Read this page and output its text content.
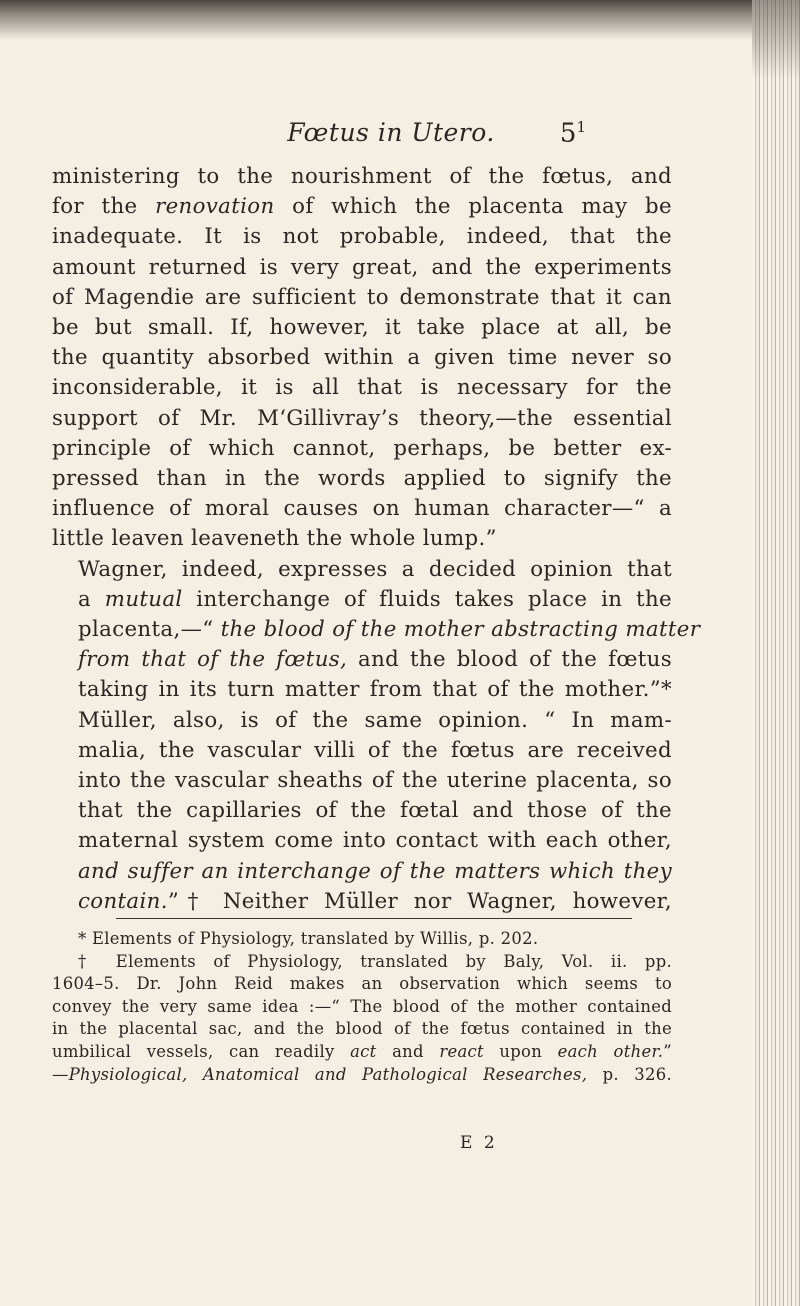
Fœtus in Utero.	$5^1$

ministering to the nourishment of the fœtus, and
for the renovation of which the placenta may be
inadequate. It is not probable, indeed, that the
amount returned is very great, and the experiments
of Magendie are sufficient to demonstrate that it can
be but small. If, however, it take place at all, be
the quantity absorbed within a given time never so
inconsiderable, it is all that is necessary for the
support of Mr. M‘Gillivray’s theory,—the essential
principle of which cannot, perhaps, be better ex-
pressed than in the words applied to signify the
influence of moral causes on human character—“ a
little leaven leaveneth the whole lump.”

Wagner, indeed, expresses a decided opinion that
a mutual interchange of fluids takes place in the
placenta,—“ the blood of the mother abstracting matter
from that of the fœtus, and the blood of the fœtus
taking in its turn matter from that of the mother.”*
Müller, also, is of the same opinion. “ In mam-
malia, the vascular villi of the fœtus are received
into the vascular sheaths of the uterine placenta, so
that the capillaries of the fœtal and those of the
maternal system come into contact with each other,
and suffer an interchange of the matters which they
contain.”† Neither Müller nor Wagner, however,

* Elements of Physiology, translated by Willis, p. 202.

† Elements of Physiology, translated by Baly, Vol. ii. pp.
1604–5. Dr. John Reid makes an observation which seems to
convey the very same idea :—“ The blood of the mother contained
in the placental sac, and the blood of the fœtus contained in the
umbilical vessels, can readily act and react upon each other.”
—Physiological, Anatomical and Pathological Researches, p. 326.

E 2
